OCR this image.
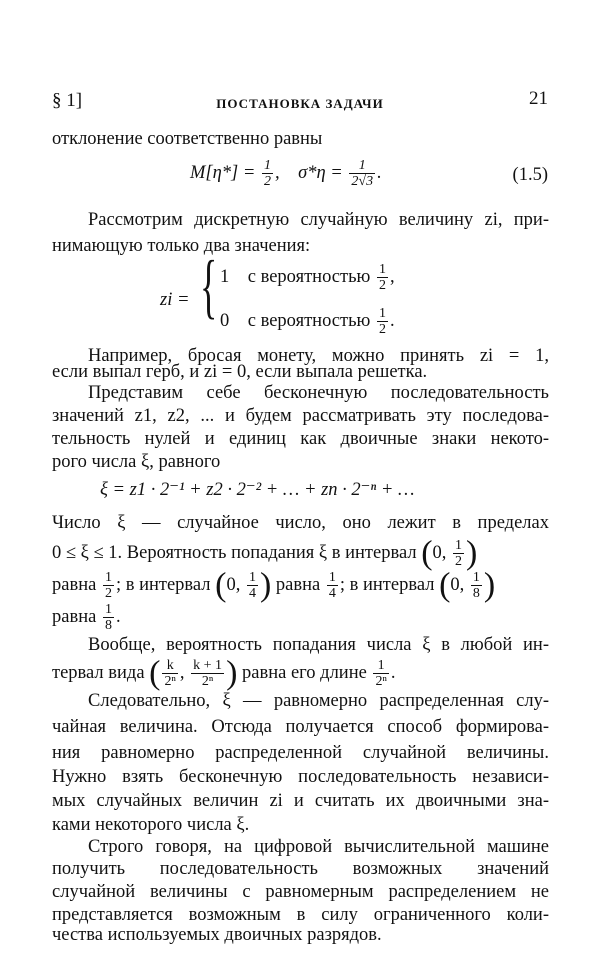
§ 1]	ПОСТАНОВКА ЗАДАЧИ	21
отклонение соответственно равны
$M[\eta*] = \frac{1}{2}$ ,    $\sigma*\eta = \frac{1}{2√3}$ .	(1.5)
Рассмотрим дискретную случайную величину zi, при-
нимающую только два значения:
zi = { 1 с вероятностью $\frac{1}{2}$ ,
0 с вероятностью $\frac{1}{2}$ .
Например, бросая монету, можно принять zi = 1,
если выпал герб, и zi = 0, если выпала решетка.
Представим себе бесконечную последовательность
значений z1, z2, ... и будем рассматривать эту последова-
тельность нулей и единиц как двоичные знаки некото-
рого числа ξ, равного
ξ = z1 · 2⁻¹ + z2 · 2⁻² + … + zn · 2⁻ⁿ + …
Число ξ — случайное число, оно лежит в пределах
0 ≤ ξ ≤ 1. Вероятность попадания ξ в интервал (0, $\frac{1}{2}$ )
равна $\frac{1}{2}$ ; в интервал (0, $\frac{1}{4}$ ) равна $\frac{1}{4}$ ; в интервал (0, $\frac{1}{8}$ )
равна $\frac{1}{8}$ .
Вообще, вероятность попадания числа ξ в любой ин-
тервал вида ( $\frac{k}{\text{2ⁿ}}$ , $\frac{k + 1}{\text{2ⁿ}}$ ) равна его длине $\frac{1}{\text{2ⁿ}}$ .
Следовательно, ξ — равномерно распределенная слу-
чайная величина. Отсюда получается способ формирова-
ния равномерно распределенной случайной величины.
Нужно взять бесконечную последовательность независи-
мых случайных величин zi и считать их двоичными зна-
ками некоторого числа ξ.
Строго говоря, на цифровой вычислительной машине
получить последовательность возможных значений
случайной величины с равномерным распределением не
представляется возможным в силу ограниченного коли-
чества используемых двоичных разрядов.
